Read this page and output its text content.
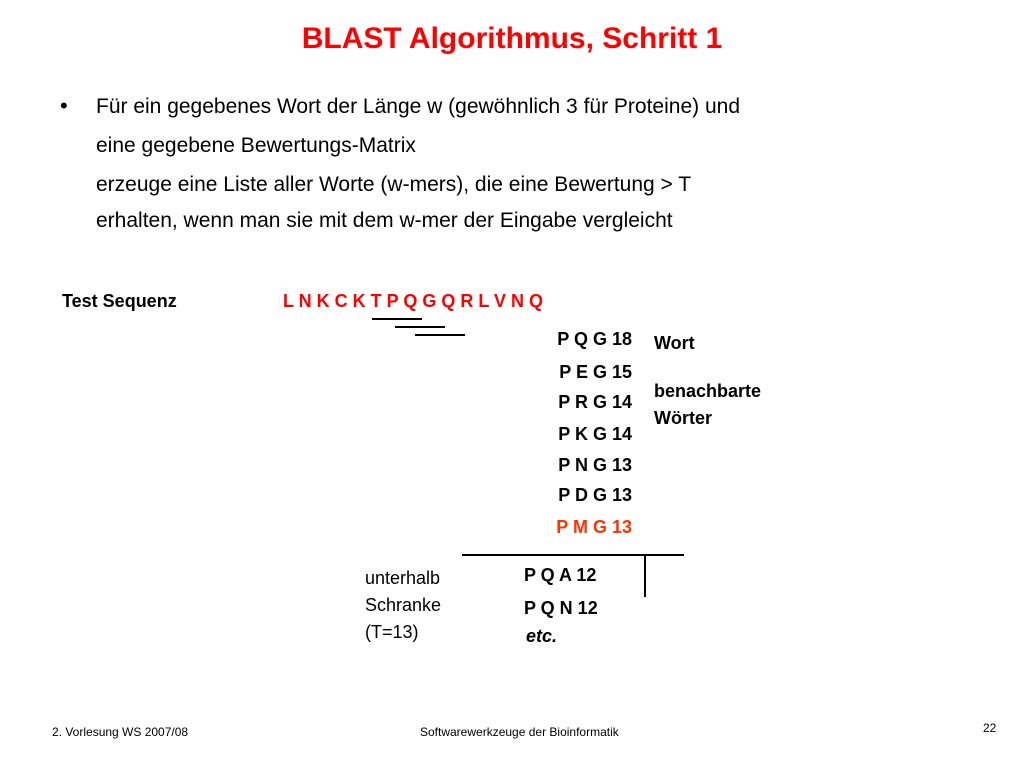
BLAST Algorithmus, Schritt 1
• Für ein gegebenes Wort der Länge w (gewöhnlich 3 für Proteine) und
eine gegebene Bewertungs-Matrix
erzeuge eine Liste aller Worte (w-mers), die eine Bewertung > T
erhalten, wenn man sie mit dem w-mer der Eingabe vergleicht
Test Sequenz	L N K C K T P Q G Q R L V N Q
P Q G 18
P E G 15
P R G 14
P K G 14
P N G 13
P D G 13
P M G 13
Wort
benachbarte
Wörter
unterhalb
Schranke
(T=13)
P Q A 12
P Q N 12
etc.
2. Vorlesung WS 2007/08	Softwarewerkzeuge der Bioinformatik	22
